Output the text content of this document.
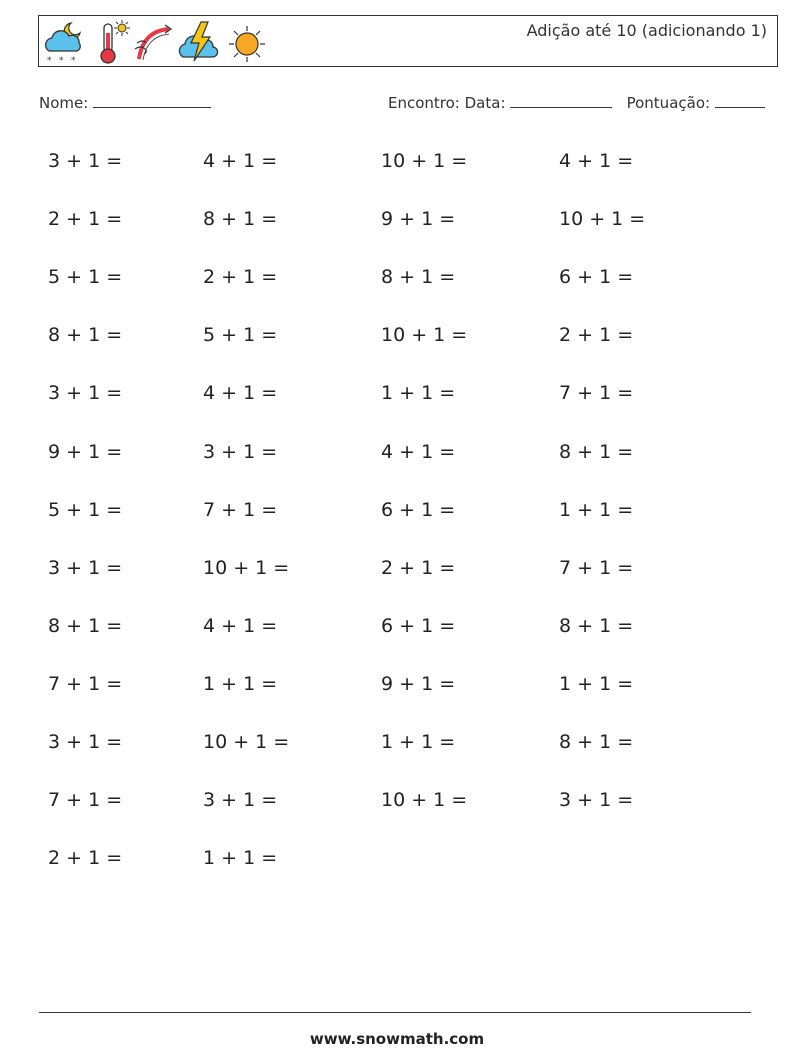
* * *
Adição até 10 (adicionando 1)
Nome:	Encontro: Data:	Pontuação:
3 + 1 =	4 + 1 =	10 + 1 =	4 + 1 =
2 + 1 =	8 + 1 =	9 + 1 =	10 + 1 =
5 + 1 =	2 + 1 =	8 + 1 =	6 + 1 =
8 + 1 =	5 + 1 =	10 + 1 =	2 + 1 =
3 + 1 =	4 + 1 =	1 + 1 =	7 + 1 =
9 + 1 =	3 + 1 =	4 + 1 =	8 + 1 =
5 + 1 =	7 + 1 =	6 + 1 =	1 + 1 =
3 + 1 =	10 + 1 =	2 + 1 =	7 + 1 =
8 + 1 =	4 + 1 =	6 + 1 =	8 + 1 =
7 + 1 =	1 + 1 =	9 + 1 =	1 + 1 =
3 + 1 =	10 + 1 =	1 + 1 =	8 + 1 =
7 + 1 =	3 + 1 =	10 + 1 =	3 + 1 =
2 + 1 =	1 + 1 =
www.snowmath.com
